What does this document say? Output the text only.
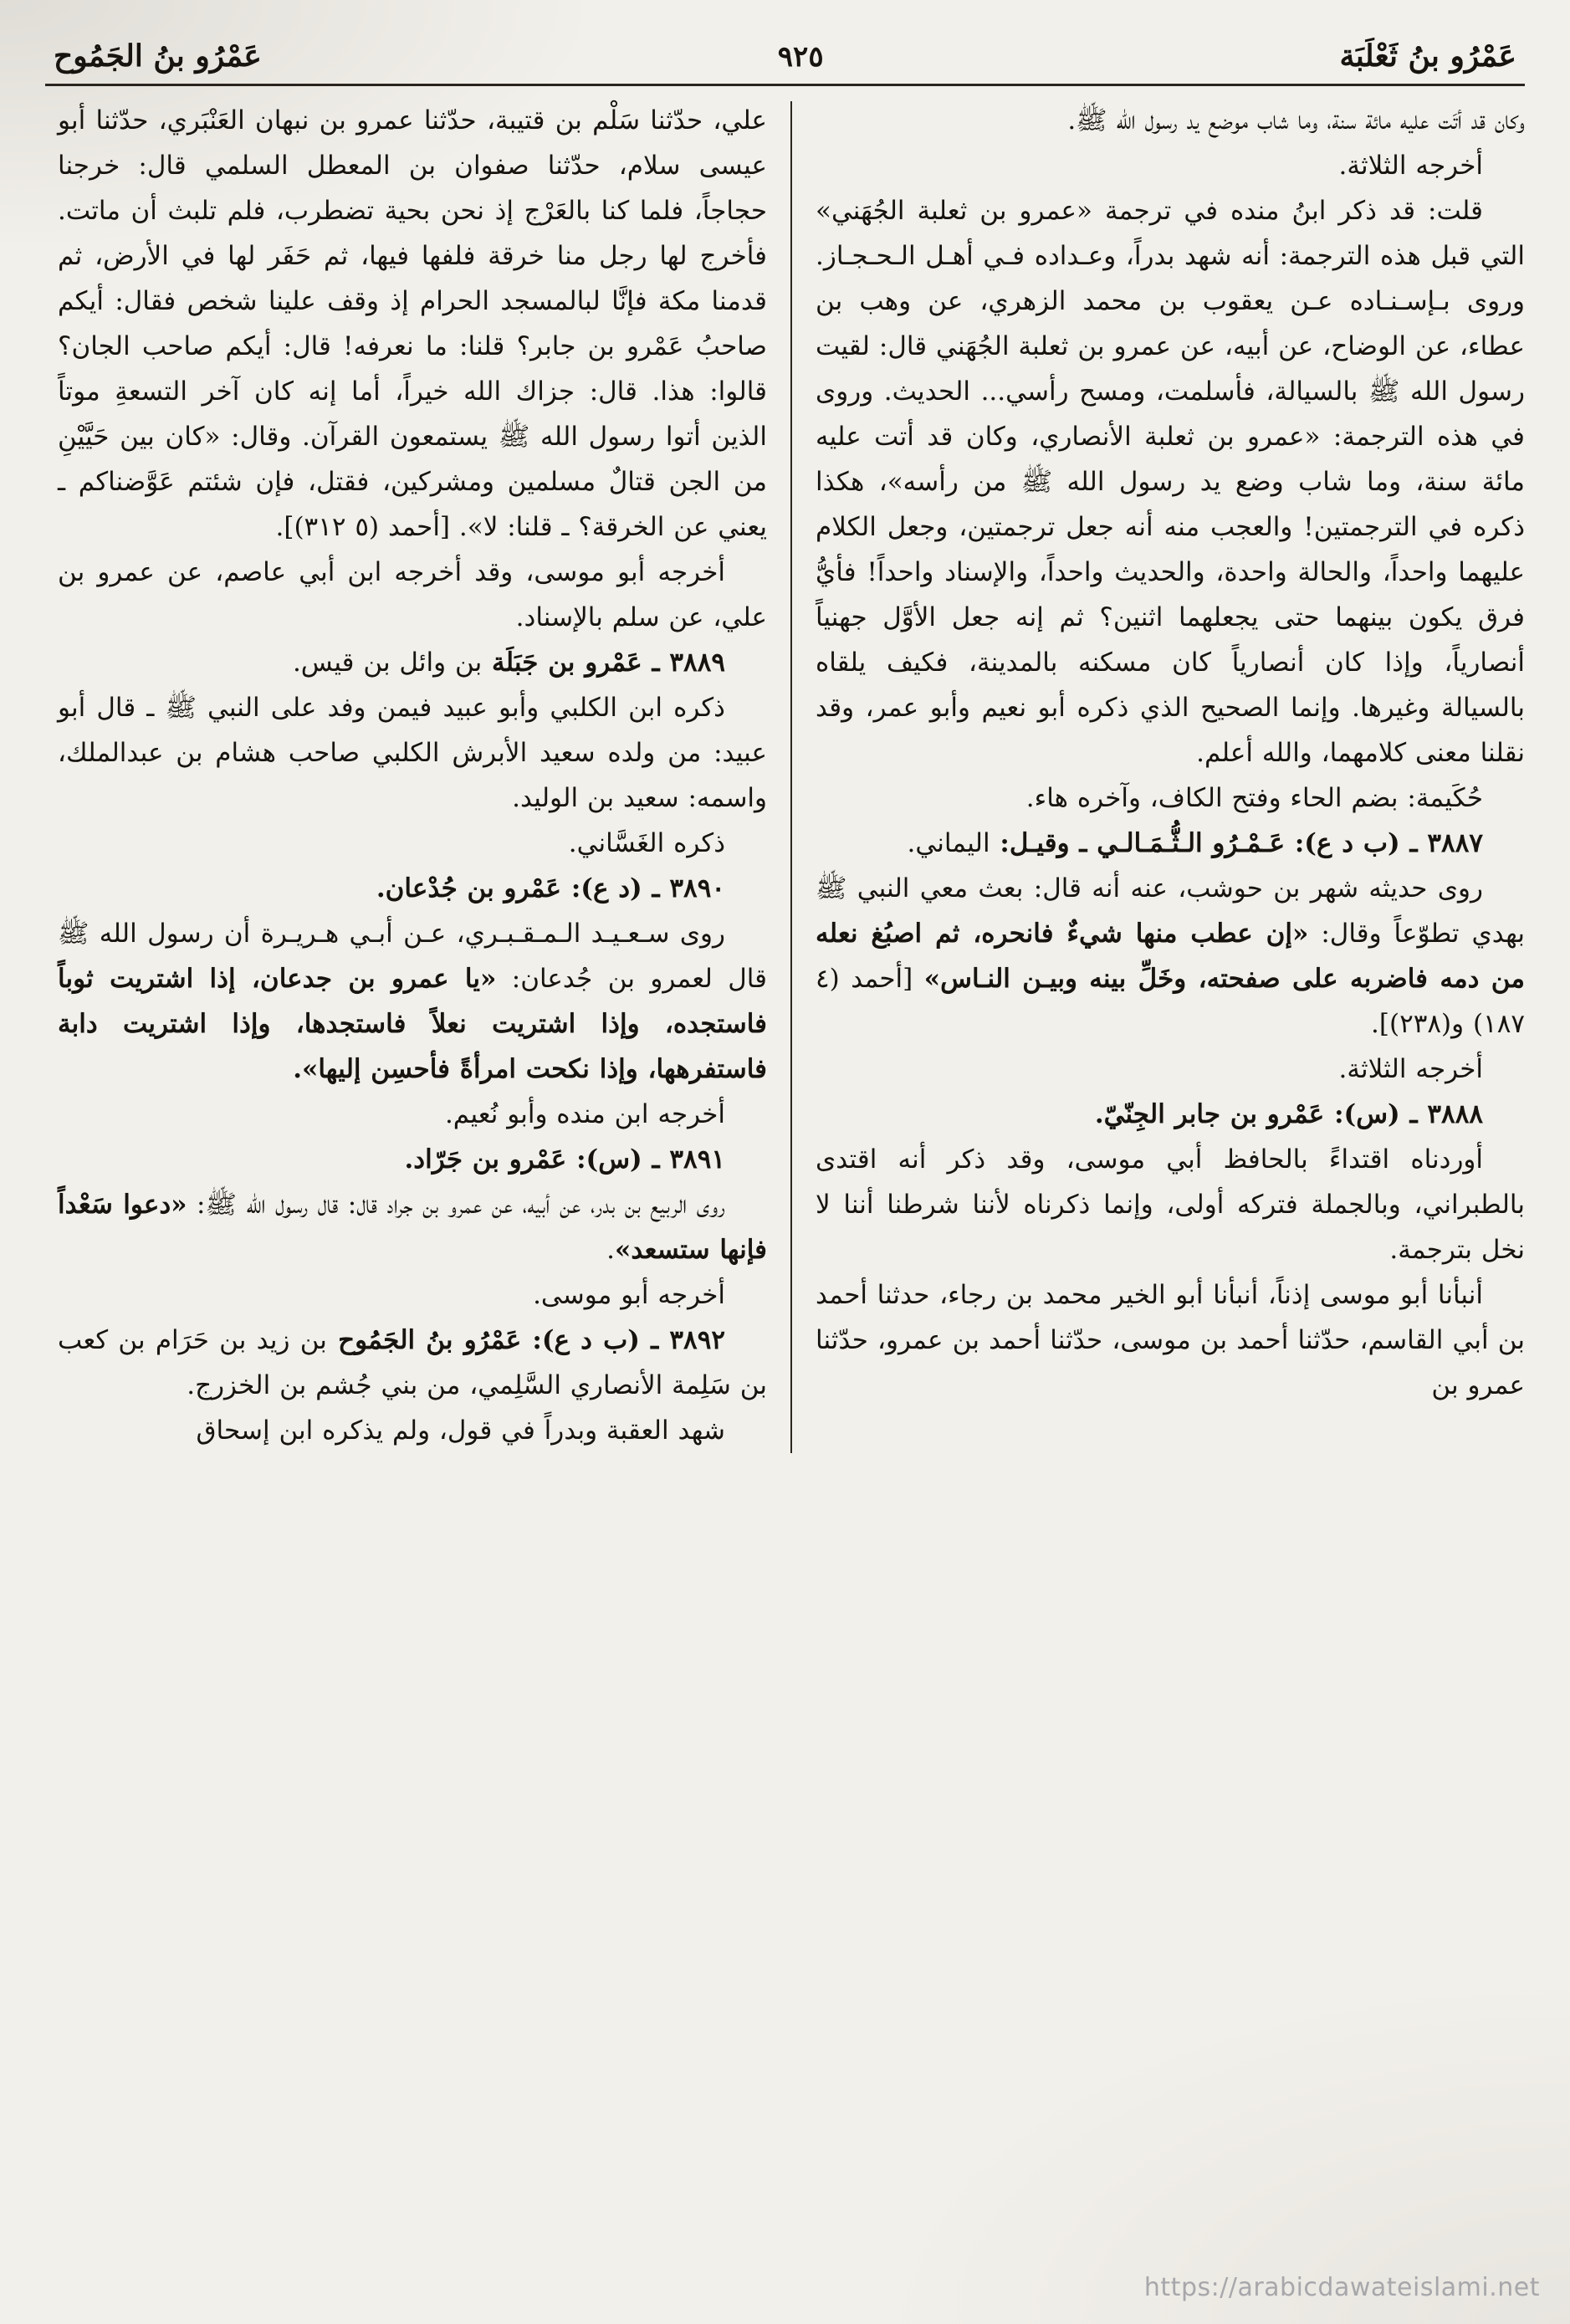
عَمْرُو بنُ ثَعْلَبَة
٩٢٥
عَمْرُو بنُ الجَمُوح

وكان قد أتَت عليه مائة سنة، وما شاب موضع يد رسول الله ﷺ.

أخرجه الثلاثة.

قلت: قد ذكر ابنُ منده في ترجمة «عمرو بن ثعلبة الجُهَني» التي قبل هذه الترجمة: أنه شهد بدراً، وعـداده فـي أهـل الـحـجـاز. وروى بـإسـنـاده عـن يعقوب بن محمد الزهري، عن وهب بن عطاء، عن الوضاح، عن أبيه، عن عمرو بن ثعلبة الجُهَني قال: لقيت رسول الله ﷺ بالسيالة، فأسلمت، ومسح رأسي... الحديث. وروى في هذه الترجمة: «عمرو بن ثعلبة الأنصاري، وكان قد أتت عليه مائة سنة، وما شاب وضع يد رسول الله ﷺ من رأسه»، هكذا ذكره في الترجمتين! والعجب منه أنه جعل ترجمتين، وجعل الكلام عليهما واحداً، والحالة واحدة، والحديث واحداً، والإسناد واحداً! فأيُّ فرق يكون بينهما حتى يجعلهما اثنين؟ ثم إنه جعل الأوَّل جهنياً أنصارياً، وإذا كان أنصارياً كان مسكنه بالمدينة، فكيف يلقاه بالسيالة وغيرها. وإنما الصحيح الذي ذكره أبو نعيم وأبو عمر، وقد نقلنا معنى كلامهما، والله أعلم.

حُكَيمة: بضم الحاء وفتح الكاف، وآخره هاء.

٣٨٨٧ ـ (ب د ع): عَـمْـرُو الـثُّـمَـالـي ـ وقيـل: اليماني.

روى حديثه شهر بن حوشب، عنه أنه قال: بعث معي النبي ﷺ بهدي تطوّعاً وقال: «إن عطب منها شيءٌ فانحره، ثم اصبُغ نعله من دمه فاضربه على صفحته، وخَلِّ بينه وبيـن النـاس» [أحمد (٤ ١٨٧) و(٢٣٨)].

أخرجه الثلاثة.

٣٨٨٨ ـ (س): عَمْرو بن جابر الجِنّيّ.

أوردناه اقتداءً بالحافظ أبي موسى، وقد ذكر أنه اقتدى بالطبراني، وبالجملة فتركه أولى، وإنما ذكرناه لأننا شرطنا أننا لا نخل بترجمة.

أنبأنا أبو موسى إذناً، أنبأنا أبو الخير محمد بن رجاء، حدثنا أحمد بن أبي القاسم، حدّثنا أحمد بن موسى، حدّثنا أحمد بن عمرو، حدّثنا عمرو بن

علي، حدّثنا سَلْم بن قتيبة، حدّثنا عمرو بن نبهان العَنْبَري، حدّثنا أبو عيسى سلام، حدّثنا صفوان بن المعطل السلمي قال: خرجنا حجاجاً، فلما كنا بالعَرْج إذ نحن بحية تضطرب، فلم تلبث أن ماتت. فأخرج لها رجل منا خرقة فلفها فيها، ثم حَفَر لها في الأرض، ثم قدمنا مكة فإنَّا لبالمسجد الحرام إذ وقف علينا شخص فقال: أيكم صاحبُ عَمْرو بن جابر؟ قلنا: ما نعرفه! قال: أيكم صاحب الجان؟ قالوا: هذا. قال: جزاك الله خيراً، أما إنه كان آخر التسعةِ موتاً الذين أتوا رسول الله ﷺ يستمعون القرآن. وقال: «كان بين حَيَّيْنِ من الجن قتالٌ مسلمين ومشركين، فقتل، فإن شئتم عَوَّضناكم ـ يعني عن الخرقة؟ ـ قلنا: لا». [أحمد (٥ ٣١٢)].

أخرجه أبو موسى، وقد أخرجه ابن أبي عاصم، عن عمرو بن علي، عن سلم بالإسناد.

٣٨٨٩ ـ عَمْرو بن جَبَلَة بن وائل بن قيس.

ذكره ابن الكلبي وأبو عبيد فيمن وفد على النبي ﷺ ـ قال أبو عبيد: من ولده سعيد الأبرش الكلبي صاحب هشام بن عبدالملك، واسمه: سعيد بن الوليد.

ذكره الغَسَّاني.

٣٨٩٠ ـ (د ع): عَمْرو بن جُدْعان.

روى سـعـيـد الـمـقـبـري، عـن أبـي هـريـرة أن رسول الله ﷺ قال لعمرو بن جُدعان: «يا عمرو بن جدعان، إذا اشتريت ثوباً فاستجده، وإذا اشتريت نعلاً فاستجدها، وإذا اشتريت دابة فاستفرهها، وإذا نكحت امرأةً فأحسِن إليها».

أخرجه ابن منده وأبو نُعيم.

٣٨٩١ ـ (س): عَمْرو بن جَرّاد.

روى الربيع بن بدر، عن أبيه، عن عمرو بن جراد قال: قال رسول الله ﷺ: «دعوا سَعْداً فإنها ستسعد».

أخرجه أبو موسى.

٣٨٩٢ ـ (ب د ع): عَمْرُو بنُ الجَمُوح بن زيد بن حَرَام بن كعب بن سَلِمة الأنصاري السَّلِمي، من بني جُشم بن الخزرج.

شهد العقبة وبدراً في قول، ولم يذكره ابن إسحاق

https://arabicdawateislami.net
